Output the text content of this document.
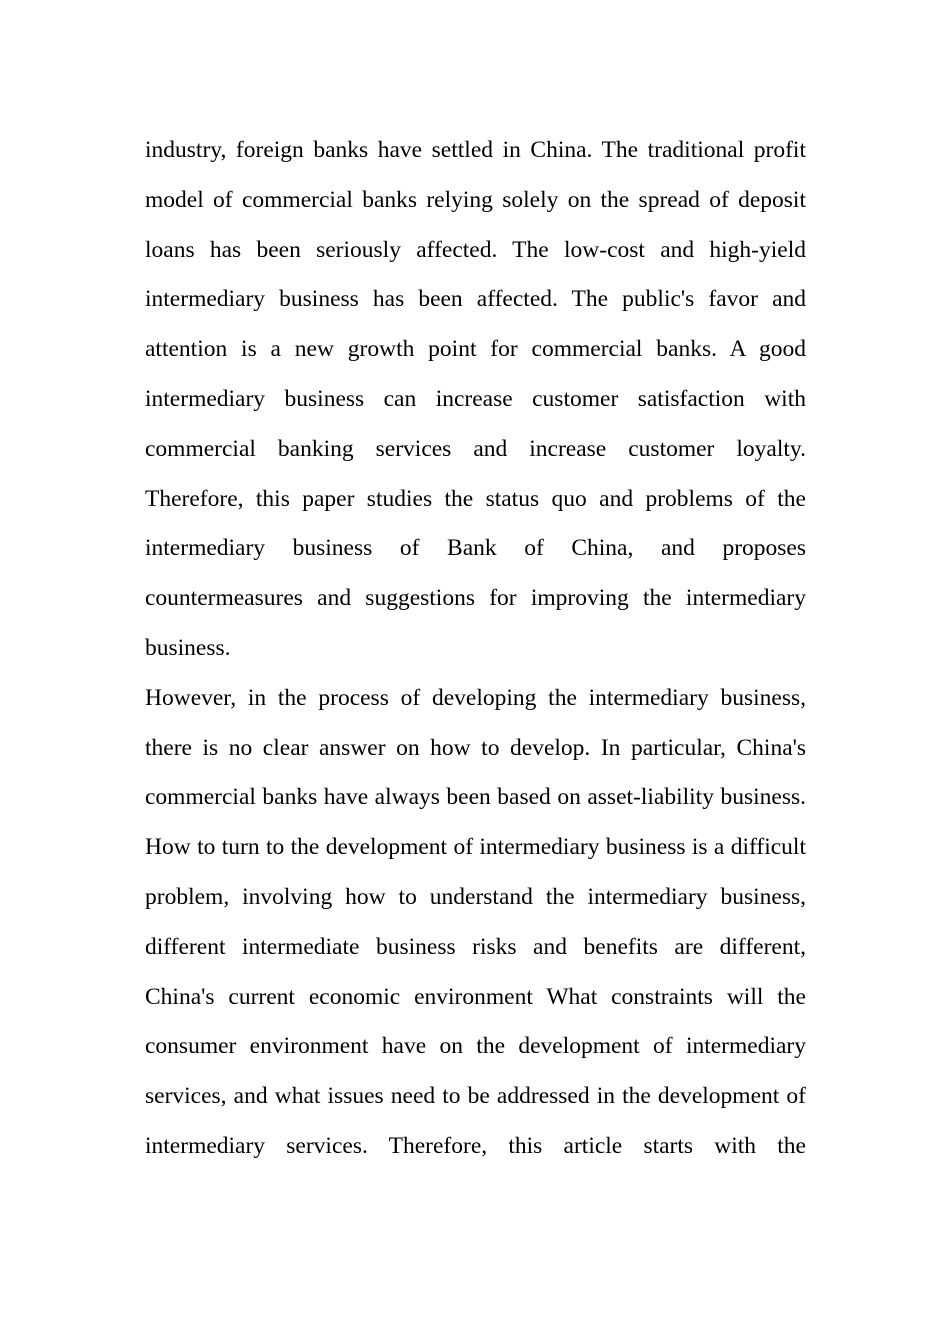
industry, foreign banks have settled in China. The traditional profit model of commercial banks relying solely on the spread of deposit loans has been seriously affected. The low-cost and high-yield intermediary business has been affected. The public's favor and attention is a new growth point for commercial banks. A good intermediary business can increase customer satisfaction with commercial banking services and increase customer loyalty. Therefore, this paper studies the status quo and problems of the intermediary business of Bank of China, and proposes countermeasures and suggestions for improving the intermediary business.

However, in the process of developing the intermediary business, there is no clear answer on how to develop. In particular, China's commercial banks have always been based on asset-liability business. How to turn to the development of intermediary business is a difficult problem, involving how to understand the intermediary business, different intermediate business risks and benefits are different, China's current economic environment What constraints will the consumer environment have on the development of intermediary services, and what issues need to be addressed in the development of intermediary services. Therefore, this article starts with the
